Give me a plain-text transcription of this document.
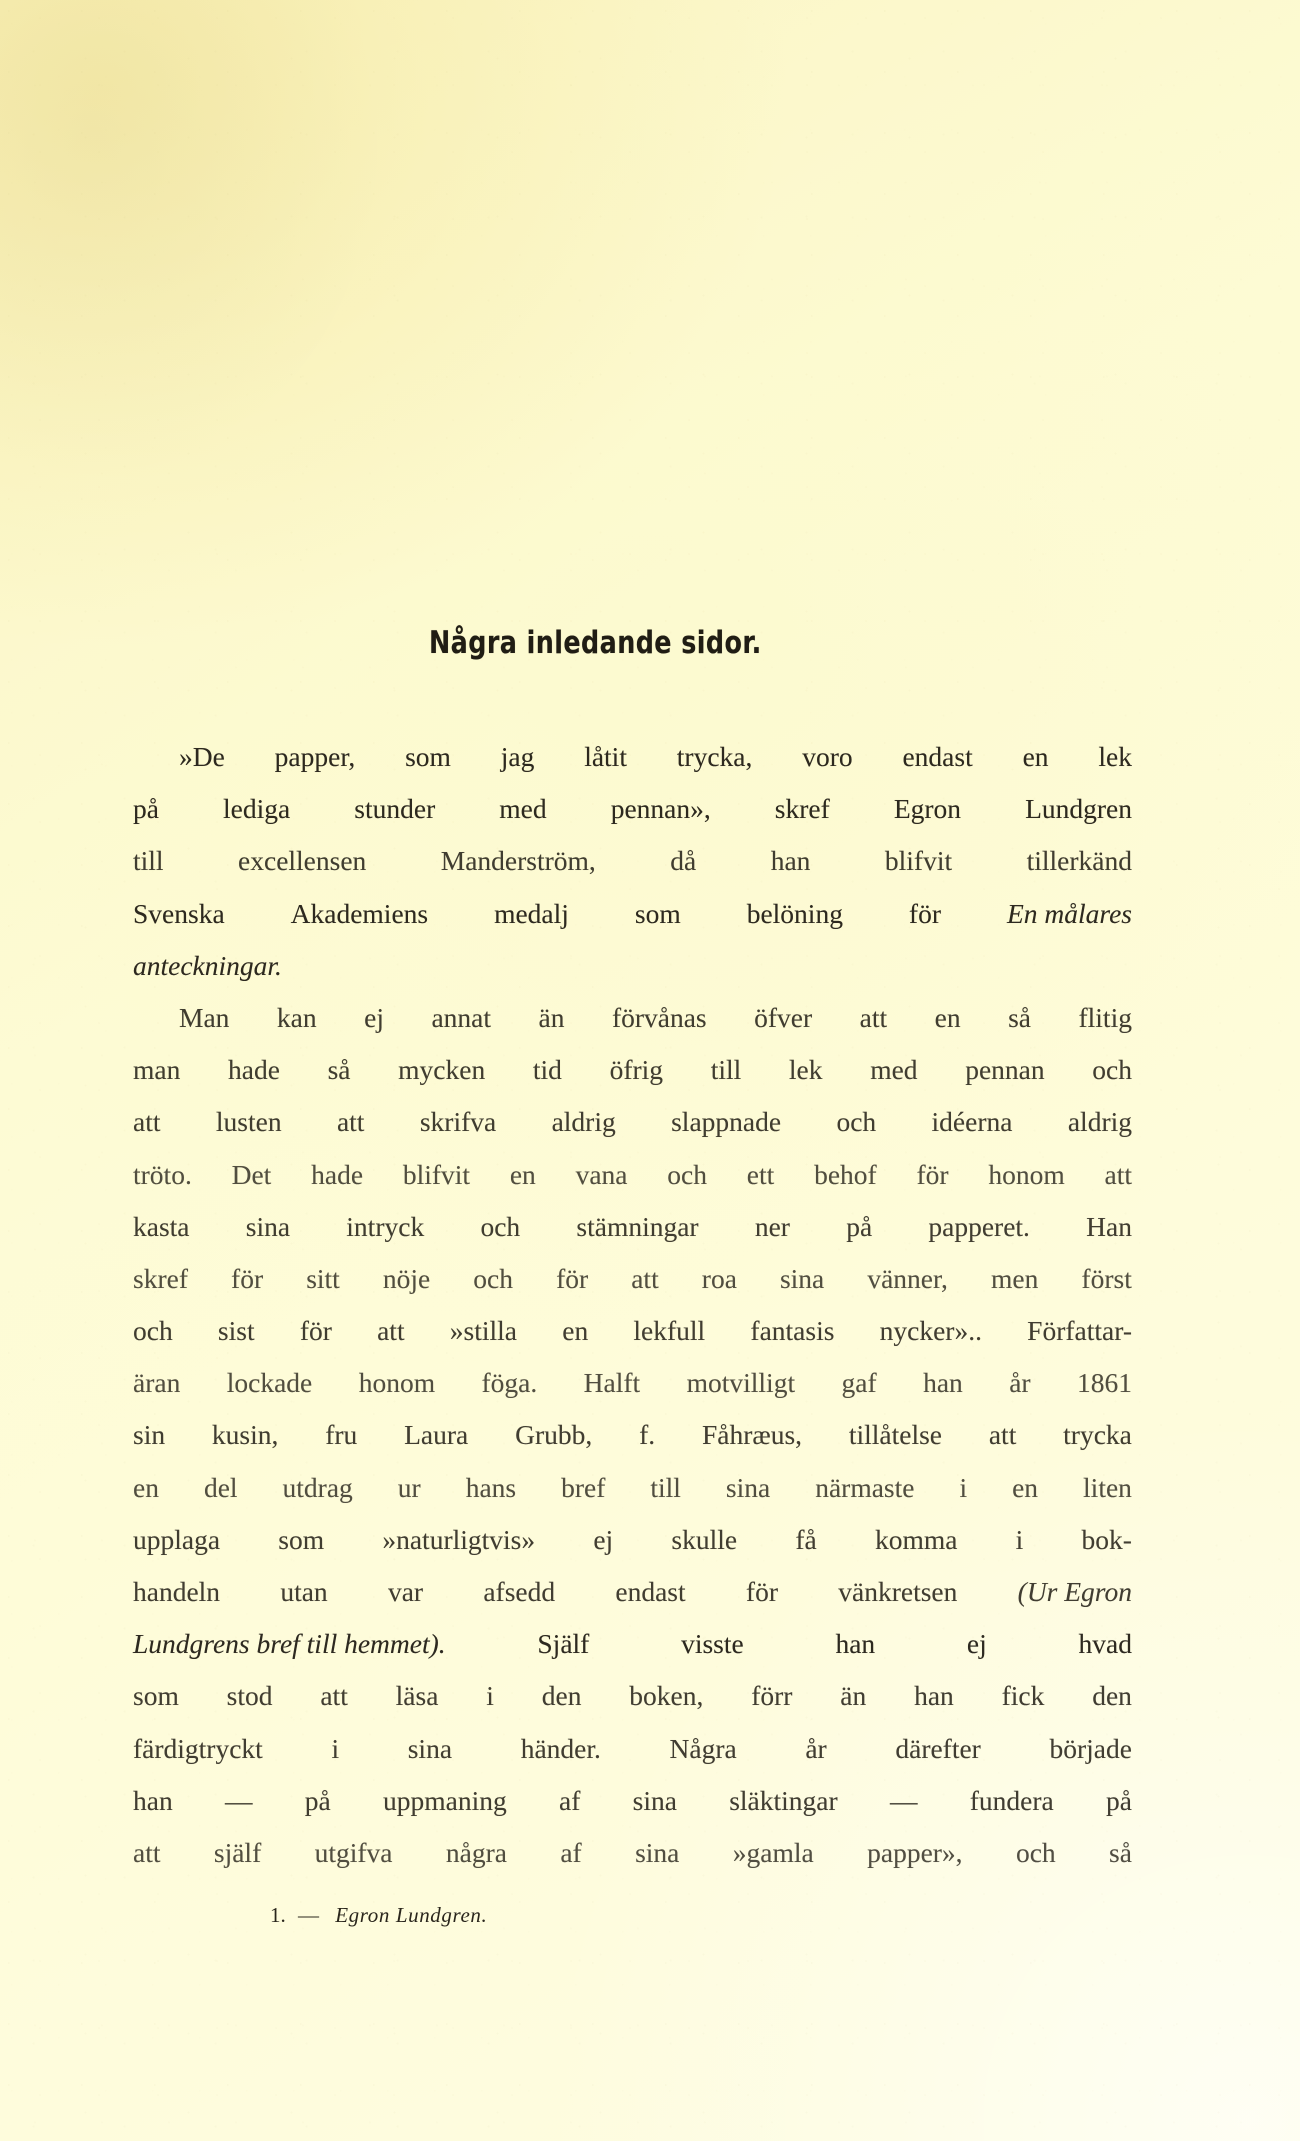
Några inledande sidor.
»De papper, som jag låtit trycka, voro endast en lek
på lediga stunder med pennan», skref Egron Lundgren
till	excellensen	Manderström,	då	han	blifvit	tillerkänd
Svenska Akademiens medalj som belöning för En målares
anteckningar.
Man kan ej annat än förvånas öfver att en så flitig
man hade så mycken tid öfrig till lek med pennan och
att lusten att skrifva aldrig slappnade och idéerna aldrig
tröto. Det hade blifvit en vana och ett behof för honom att
kasta sina intryck och stämningar ner på papperet. Han
skref för sitt nöje och för att roa sina vänner, men först
och sist för att »stilla en lekfull fantasis nycker».. Författar-
äran lockade honom föga. Halft motvilligt gaf han år 1861
sin kusin, fru Laura Grubb, f. Fåhræus, tillåtelse att trycka
en del utdrag ur hans bref till sina närmaste i en liten
upplaga som »naturligtvis» ej skulle få komma i bok-
handeln utan var afsedd endast för vänkretsen (Ur Egron
Lundgrens bref till hemmet).	Själf	visste	han	ej	hvad
som stod att läsa i den boken, förr än han fick den
färdigtryckt i sina händer. Några år därefter började
han — på uppmaning af sina släktingar — fundera på
att själf utgifva några af sina »gamla papper», och så
1. — Egron Lundgren.
